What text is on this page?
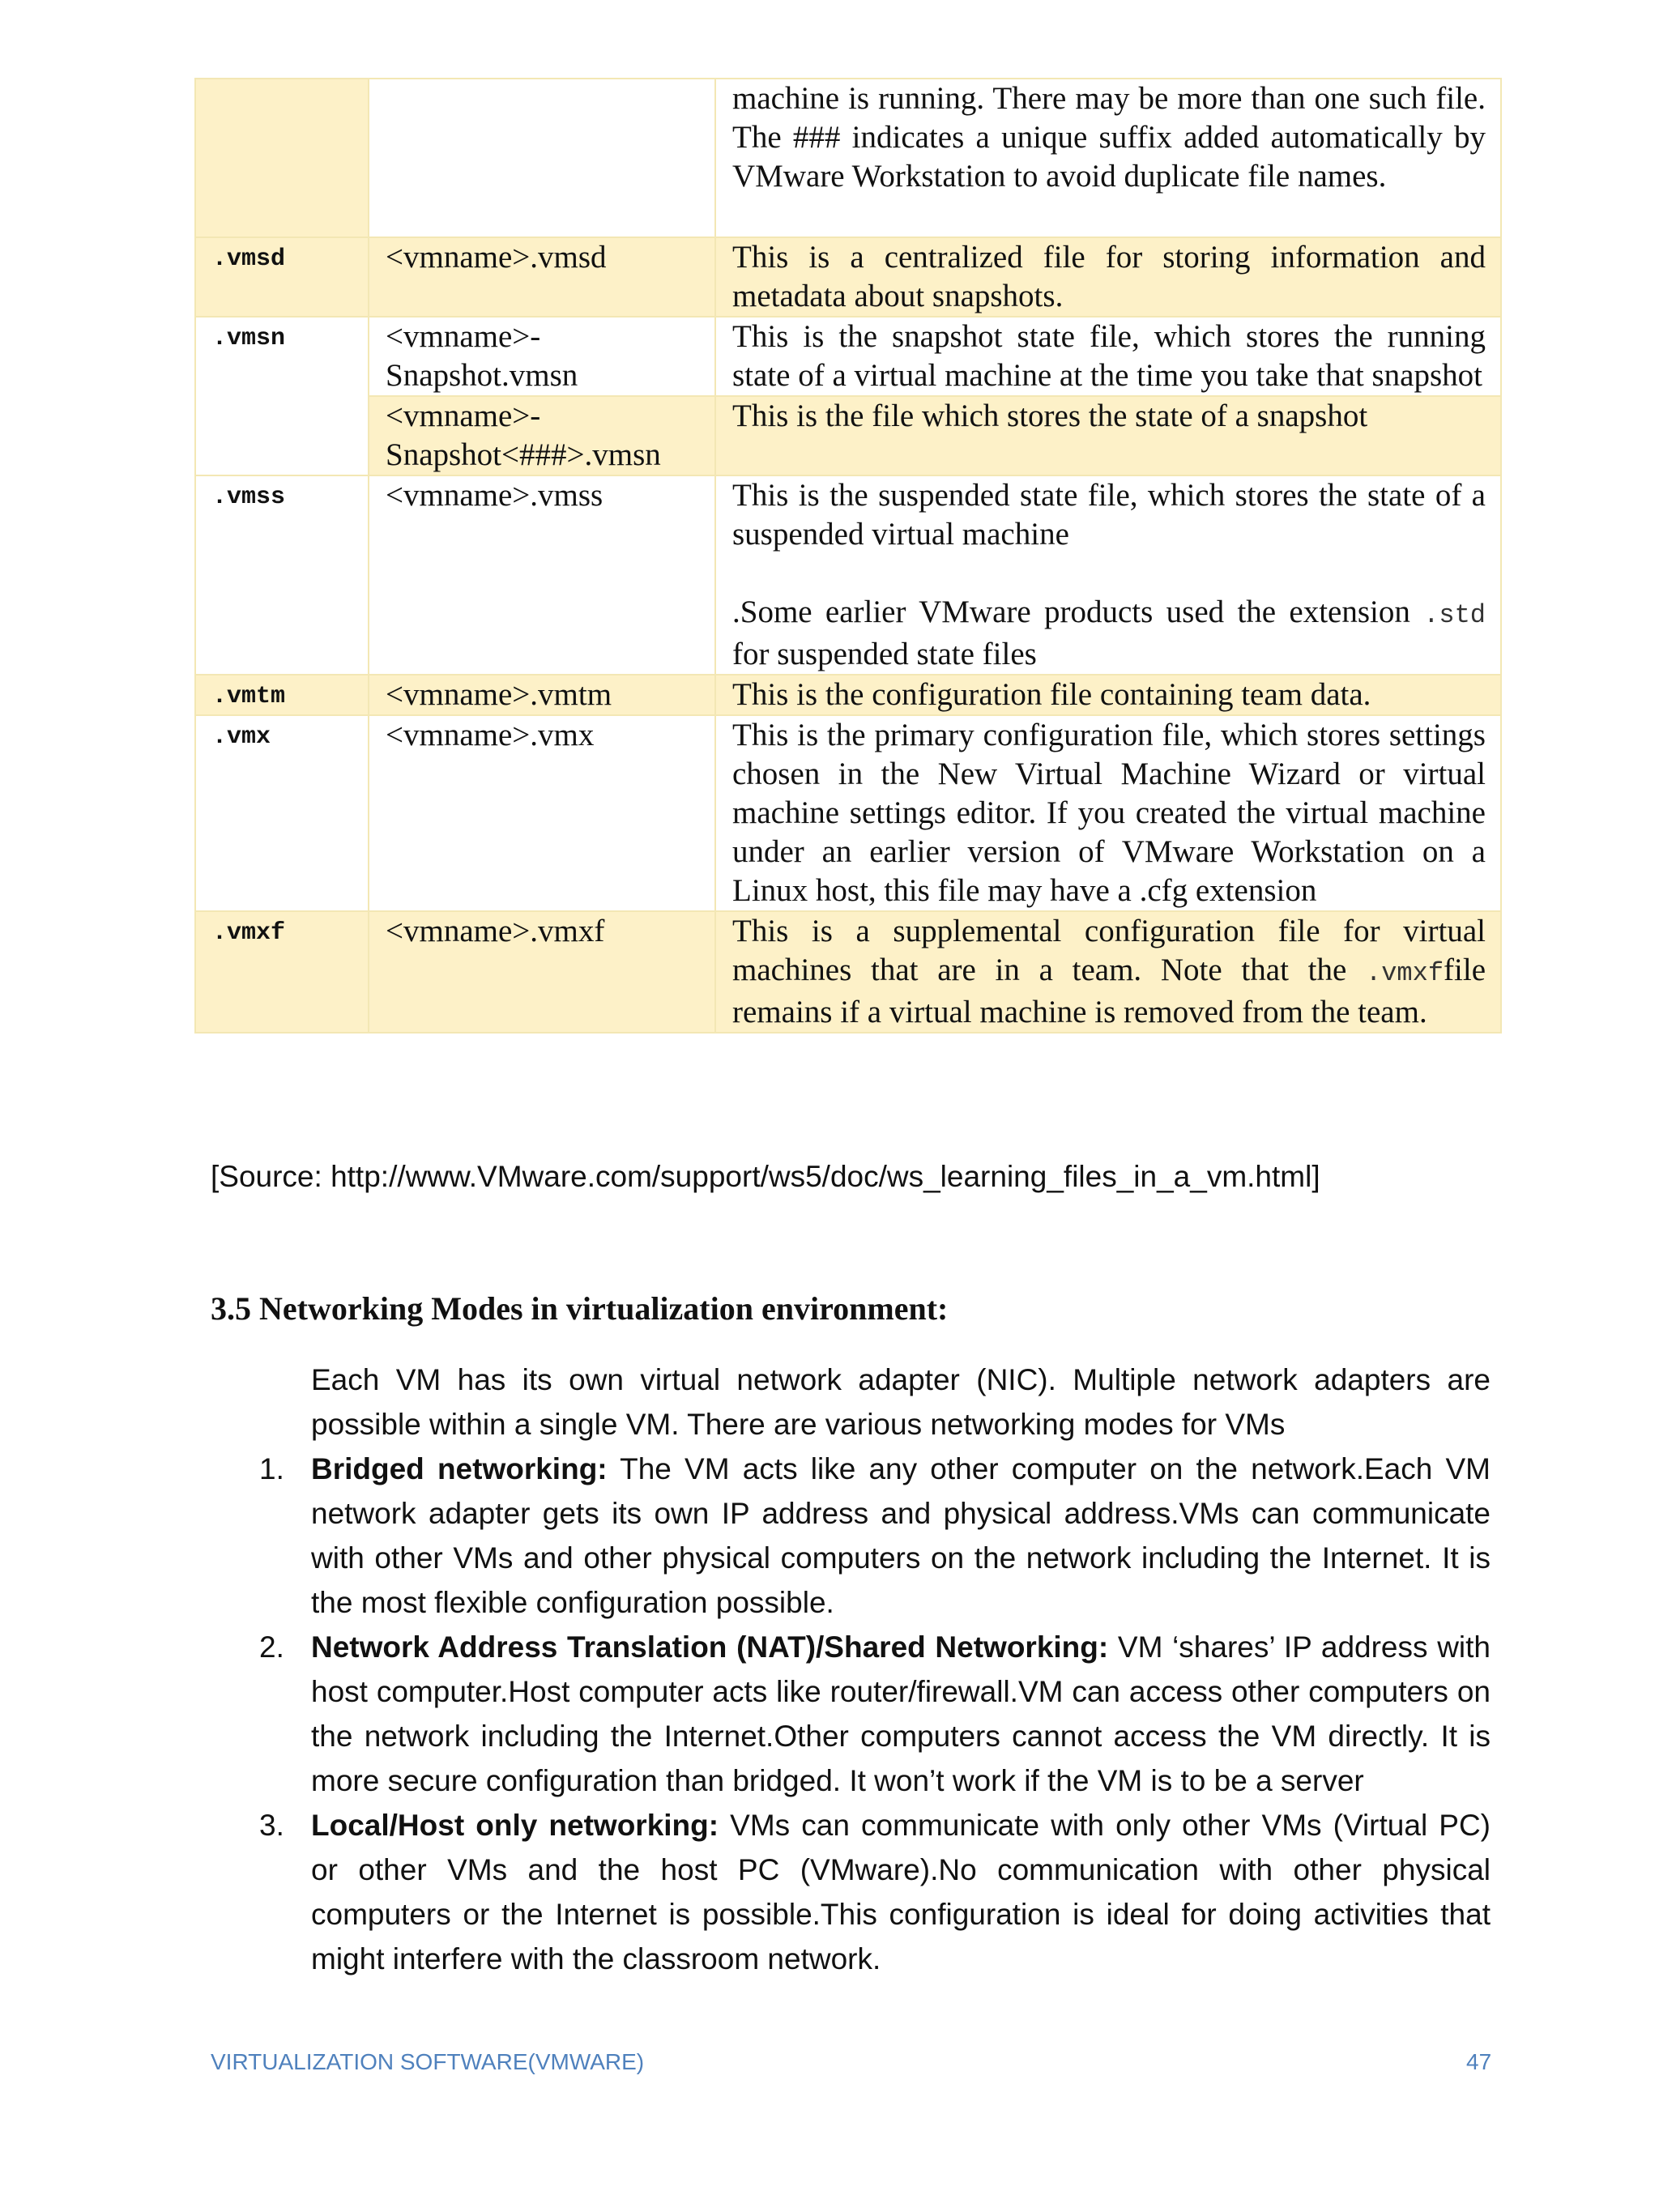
		machine is running. There may be more than one such file. The ### indicates a unique suffix added automatically by VMware Workstation to avoid duplicate file names.
.vmsd	<vmname>.vmsd	This is a centralized file for storing information and metadata about snapshots.
.vmsn	<vmname>-Snapshot.vmsn	This is the snapshot state file, which stores the running state of a virtual machine at the time you take that snapshot
	<vmname>-Snapshot<###>.vmsn	This is the file which stores the state of a snapshot
.vmss	<vmname>.vmss	This is the suspended state file, which stores the state of a suspended virtual machine
.Some earlier VMware products used the extension .std for suspended state files

.vmtm	<vmname>.vmtm	This is the configuration file containing team data.
.vmx	<vmname>.vmx	This is the primary configuration file, which stores settings chosen in the New Virtual Machine Wizard or virtual machine settings editor. If you created the virtual machine under an earlier version of VMware Workstation on a Linux host, this file may have a .cfg extension
.vmxf	<vmname>.vmxf	This is a supplemental configuration file for virtual machines that are in a team. Note that the .vmxffile remains if a virtual machine is removed from the team.
[Source: http://www.VMware.com/support/ws5/doc/ws_learning_files_in_a_vm.html]
3.5 Networking Modes in virtualization environment:
Each VM has its own virtual network adapter (NIC). Multiple network adapters are possible within a single VM. There are various networking modes for VMs
1. Bridged networking: The VM acts like any other computer on the network.Each VM network adapter gets its own IP address and physical address.VMs can communicate with other VMs and other physical computers on the network including the Internet. It is the most flexible configuration possible.
2. Network Address Translation (NAT)/Shared Networking: VM ‘shares’ IP address with host computer.Host computer acts like router/firewall.VM can access other computers on the network including the Internet.Other computers cannot access the VM directly. It is more secure configuration than bridged. It won’t work if the VM is to be a server
3. Local/Host only networking: VMs can communicate with only other VMs (Virtual PC) or other VMs and the host PC (VMware).No communication with other physical computers or the Internet is possible.This configuration is ideal for doing activities that might interfere with the classroom network.
VIRTUALIZATION SOFTWARE(VMWARE)	47
